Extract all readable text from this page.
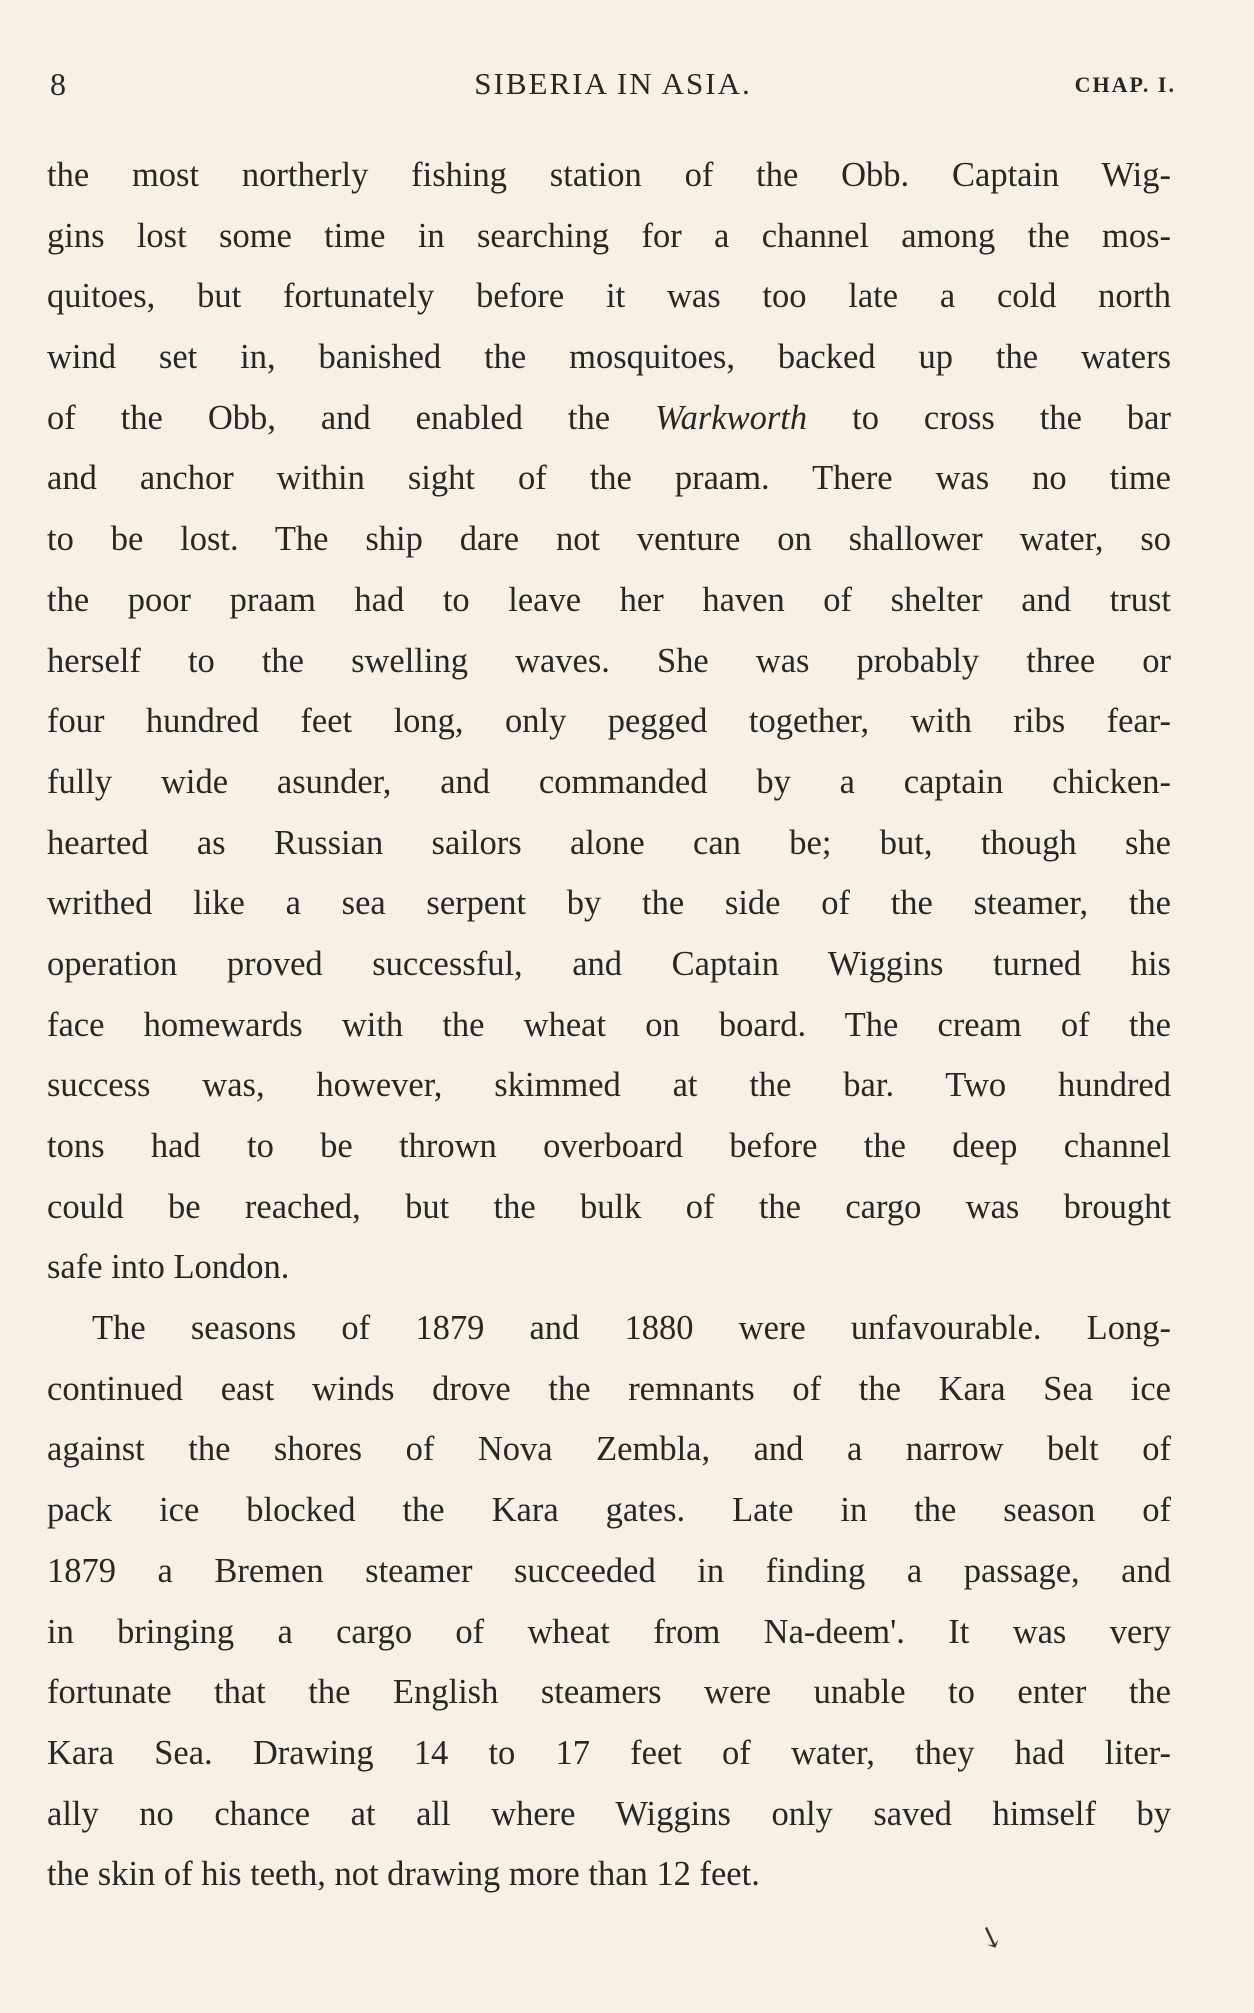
8	SIBERIA IN ASIA.	CHAP. I.
the most northerly fishing station of the Obb. Captain Wig-
gins lost some time in searching for a channel among the mos-
quitoes, but fortunately before it was too late a cold north
wind set in, banished the mosquitoes, backed up the waters
of the Obb, and enabled the Warkworth to cross the bar
and anchor within sight of the praam. There was no time
to be lost. The ship dare not venture on shallower water, so
the poor praam had to leave her haven of shelter and trust
herself to the swelling waves. She was probably three or
four hundred feet long, only pegged together, with ribs fear-
fully wide asunder, and commanded by a captain chicken-
hearted as Russian sailors alone can be; but, though she
writhed like a sea serpent by the side of the steamer, the
operation proved successful, and Captain Wiggins turned his
face homewards with the wheat on board. The cream of the
success was, however, skimmed at the bar. Two hundred
tons had to be thrown overboard before the deep channel
could be reached, but the bulk of the cargo was brought
safe into London.
The seasons of 1879 and 1880 were unfavourable. Long-
continued east winds drove the remnants of the Kara Sea ice
against the shores of Nova Zembla, and a narrow belt of
pack ice blocked the Kara gates. Late in the season of
1879 a Bremen steamer succeeded in finding a passage, and
in bringing a cargo of wheat from Na-deem'. It was very
fortunate that the English steamers were unable to enter the
Kara Sea. Drawing 14 to 17 feet of water, they had liter-
ally no chance at all where Wiggins only saved himself by
the skin of his teeth, not drawing more than 12 feet.
↘
